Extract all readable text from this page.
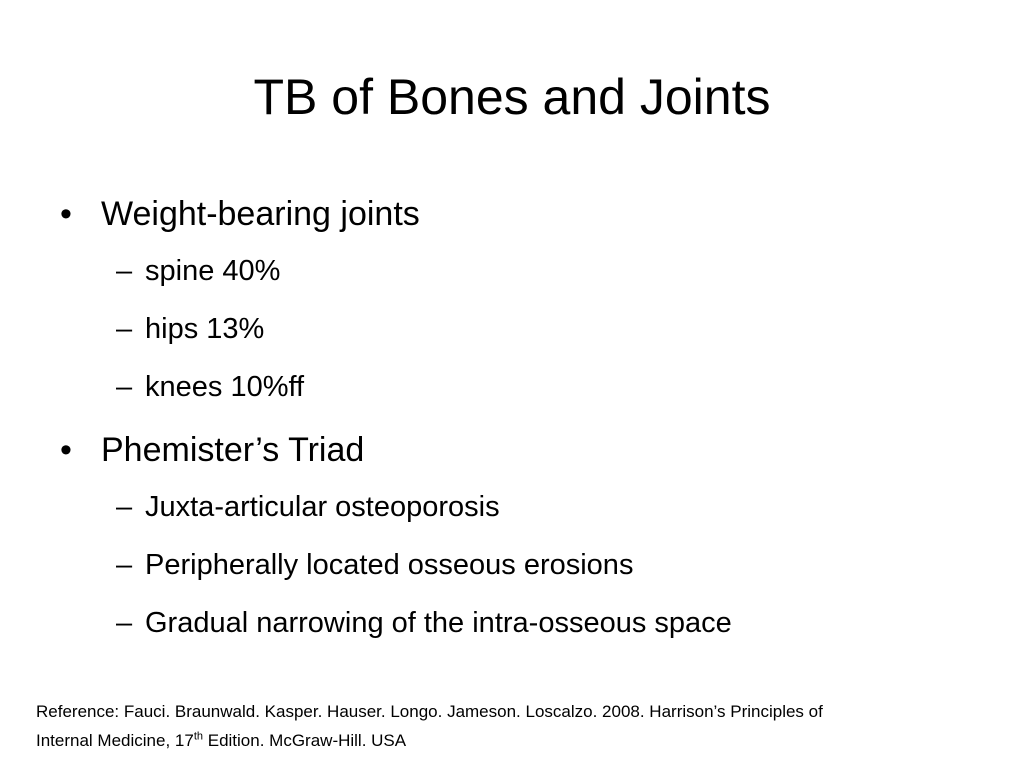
TB of Bones and Joints
• Weight-bearing joints
– spine 40%
– hips 13%
– knees 10%ff
• Phemister’s Triad
– Juxta-articular osteoporosis
– Peripherally located osseous erosions
– Gradual narrowing of the intra-osseous space
Reference: Fauci. Braunwald. Kasper. Hauser. Longo. Jameson. Loscalzo. 2008. Harrison’s Principles of
Internal Medicine, 17th Edition. McGraw-Hill. USA
